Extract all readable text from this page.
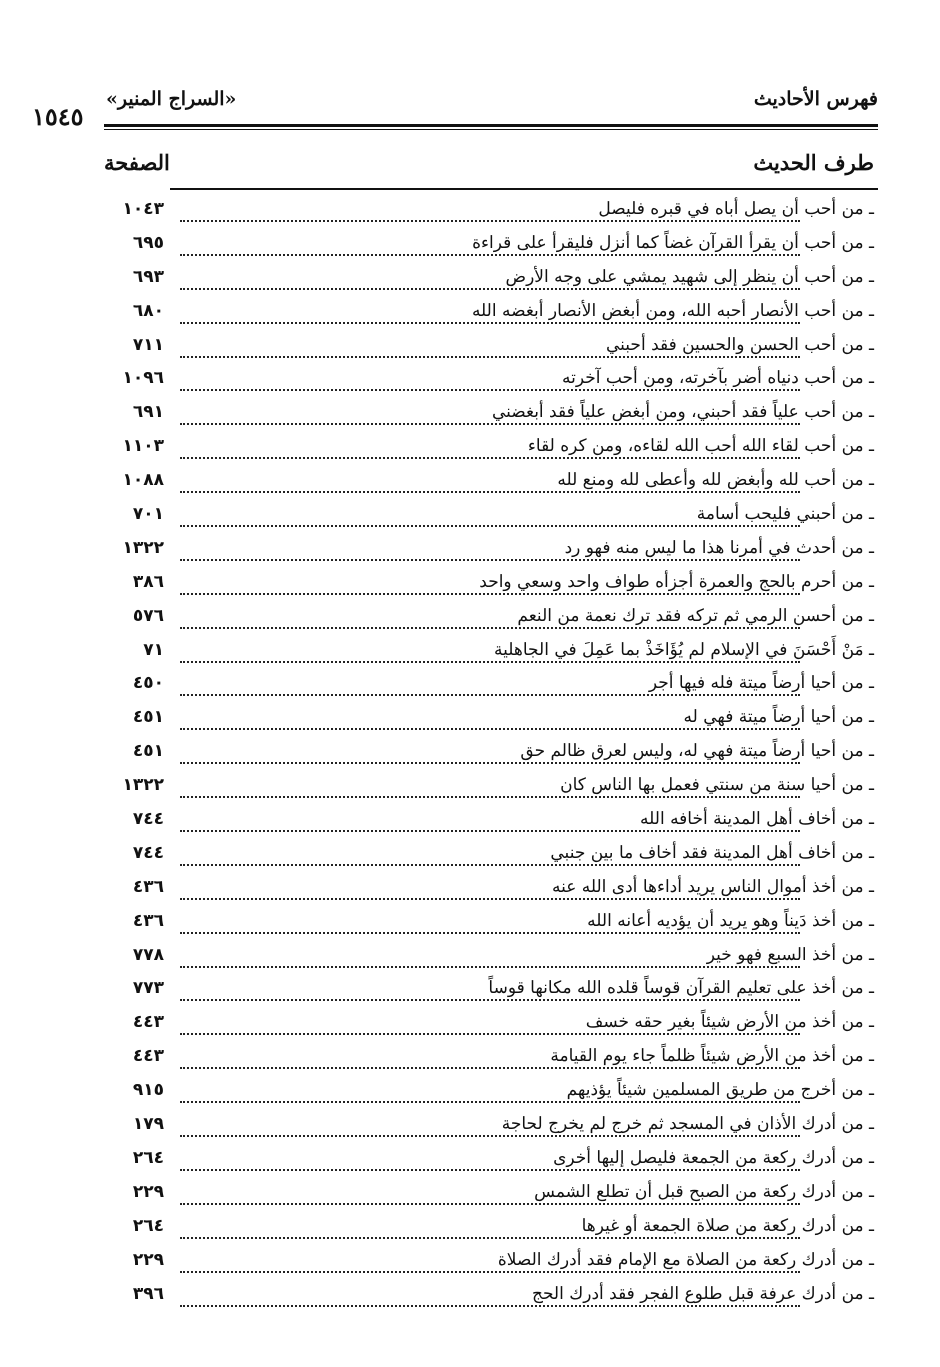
فهرس الأحاديث
«السراج المنير»
١٥٤٥
طرف الحديث
الصفحة
ـ من أحب أن يصل أباه في قبره فليصل
١٠٤٣
ـ من أحب أن يقرأ القرآن غضاً كما أنزل فليقرأ على قراءة
٦٩٥
ـ من أحب أن ينظر إلى شهيد يمشي على وجه الأرض
٦٩٣
ـ من أحب الأنصار أحبه الله، ومن أبغض الأنصار أبغضه الله
٦٨٠
ـ من أحب الحسن والحسين فقد أحبني
٧١١
ـ من أحب دنياه أضر بآخرته، ومن أحب آخرته
١٠٩٦
ـ من أحب علياً فقد أحبني، ومن أبغض علياً فقد أبغضني
٦٩١
ـ من أحب لقاء الله أحب الله لقاءه، ومن كره لقاء
١١٠٣
ـ من أحب لله وأبغض لله وأعطى لله ومنع لله
١٠٨٨
ـ من أحبني فليحب أسامة
٧٠١
ـ من أحدث في أمرنا هذا ما ليس منه فهو رد
١٣٢٢
ـ من أحرم بالحج والعمرة أجزأه طواف واحد وسعي واحد
٣٨٦
ـ من أحسن الرمي ثم تركه فقد ترك نعمة من النعم
٥٧٦
ـ مَنْ أَحْسَنَ في الإسلام لم يُؤَاخَذْ بما عَمِلَ في الجاهلية
٧١
ـ من أحيا أرضاً ميتة فله فيها أجر
٤٥٠
ـ من أحيا أرضاً ميتة فهي له
٤٥١
ـ من أحيا أرضاً ميتة فهي له، وليس لعرق ظالم حق
٤٥١
ـ من أحيا سنة من سنتي فعمل بها الناس كان
١٣٢٢
ـ من أخاف أهل المدينة أخافه الله
٧٤٤
ـ من أخاف أهل المدينة فقد أخاف ما بين جنبي
٧٤٤
ـ من أخذ أموال الناس يريد أداءها أدى الله عنه
٤٣٦
ـ من أخذ دَيناً وهو يريد أن يؤديه أعانه الله
٤٣٦
ـ من أخذ السبع فهو خير
٧٧٨
ـ من أخذ على تعليم القرآن قوساً قلده الله مكانها قوساً
٧٧٣
ـ من أخذ من الأرض شيئاً بغير حقه خسف
٤٤٣
ـ من أخذ من الأرض شيئاً ظلماً جاء يوم القيامة
٤٤٣
ـ من أخرج من طريق المسلمين شيئاً يؤذيهم
٩١٥
ـ من أدرك الأذان في المسجد ثم خرج لم يخرج لحاجة
١٧٩
ـ من أدرك ركعة من الجمعة فليصل إليها أخرى
٢٦٤
ـ من أدرك ركعة من الصبح قبل أن تطلع الشمس
٢٢٩
ـ من أدرك ركعة من صلاة الجمعة أو غيرها
٢٦٤
ـ من أدرك ركعة من الصلاة مع الإمام فقد أدرك الصلاة
٢٢٩
ـ من أدرك عرفة قبل طلوع الفجر فقد أدرك الحج
٣٩٦
